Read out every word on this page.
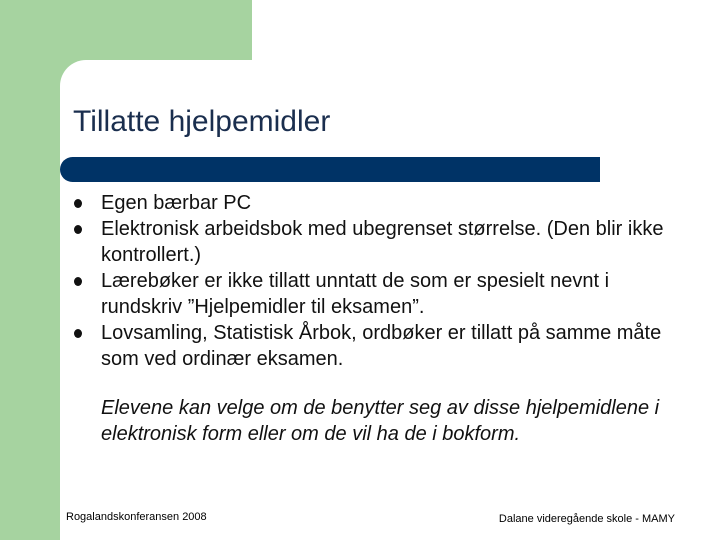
Tillatte hjelpemidler
Egen bærbar PC
Elektronisk arbeidsbok med ubegrenset størrelse. (Den blir ikke kontrollert.)
Lærebøker er ikke tillatt unntatt de som er spesielt nevnt i rundskriv ”Hjelpemidler til eksamen”.
Lovsamling, Statistisk Årbok, ordbøker er tillatt på samme måte som ved ordinær eksamen.
Elevene kan velge om de benytter seg av disse hjelpemidlene i elektronisk form eller om de vil ha de i bokform.
Rogalandskonferansen 2008	Dalane videregående skole - MAMY
